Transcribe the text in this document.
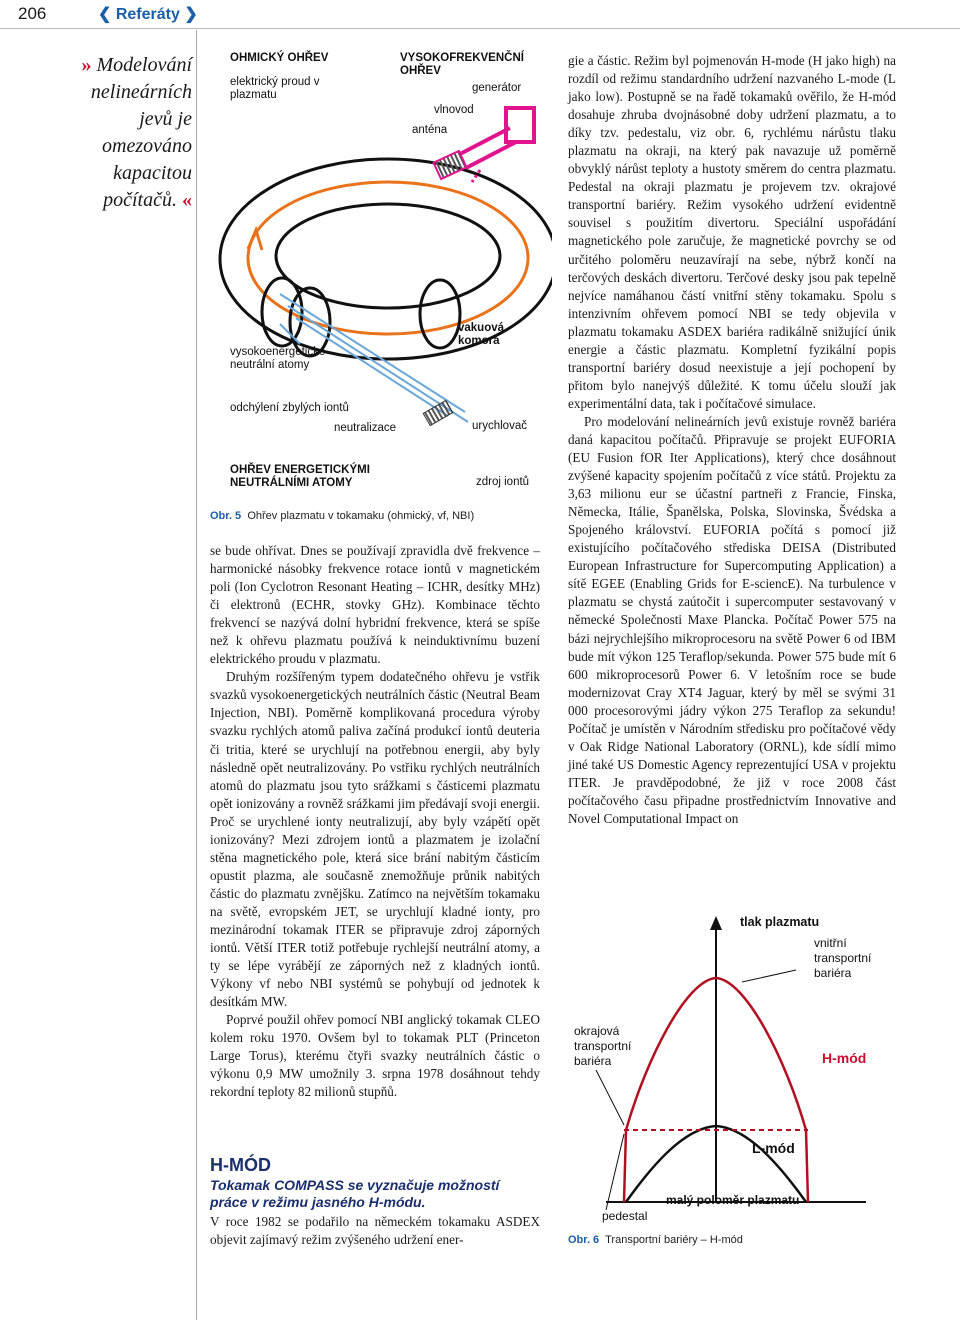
206	❮ Referáty ❯
» Modelování nelineárních jevů je omezováno kapacitou počítačů. «
OHMICKÝ OHŘEV
elektrický proud v plazmatu
VYSOKOFREKVENČNÍ OHŘEV
generátor
vlnovod
anténa
vakuová komora
vysokoenergetické neutrální atomy
odchýlení zbylých iontů
neutralizace	urychlovač
OHŘEV ENERGETICKÝMI NEUTRÁLNÍMI ATOMY	zdroj iontů
Obr. 5 Ohřev plazmatu v tokamaku (ohmický, vf, NBI)

se bude ohřívat. Dnes se používají zpravidla dvě frekvence – harmonické násobky frekvence rotace iontů v magnetickém poli (Ion Cyclotron Resonant Heating – ICHR, desítky MHz) či elektronů (ECHR, stovky GHz). Kombinace těchto frekvencí se nazývá dolní hybridní frekvence, která se spíše než k ohřevu plazmatu používá k neinduktivnímu buzení elektrického proudu v plazmatu.

Druhým rozšířeným typem dodatečného ohřevu je vstřik svazků vysokoenergetických neutrálních částic (Neutral Beam Injection, NBI). Poměrně komplikovaná procedura výroby svazku rychlých atomů paliva začíná produkcí iontů deuteria či tritia, které se urychlují na potřebnou energii, aby byly následně opět neutralizovány. Po vstřiku rychlých neutrálních atomů do plazmatu jsou tyto srážkami s částicemi plazmatu opět ionizovány a rovněž srážkami jim předávají svoji energii. Proč se urychlené ionty neutralizují, aby byly vzápětí opět ionizovány? Mezi zdrojem iontů a plazmatem je izolační stěna magnetického pole, která sice brání nabitým částicím opustit plazma, ale současně znemožňuje průnik nabitých částic do plazmatu zvnějšku. Zatímco na největším tokamaku na světě, evropském JET, se urychlují kladné ionty, pro mezinárodní tokamak ITER se připravuje zdroj záporných iontů. Větší ITER totiž potřebuje rychlejší neutrální atomy, a ty se lépe vyrábějí ze záporných než z kladných iontů. Výkony vf nebo NBI systémů se pohybují od jednotek k desítkám MW.

Poprvé použil ohřev pomocí NBI anglický tokamak CLEO kolem roku 1970. Ovšem byl to tokamak PLT (Princeton Large Torus), kterému čtyři svazky neutrálních částic o výkonu 0,9 MW umožnily 3. srpna 1978 dosáhnout tehdy rekordní teploty 82 milionů stupňů.

H-MÓD
Tokamak COMPASS se vyznačuje možností práce v režimu jasného H-módu.
V roce 1982 se podařilo na německém tokamaku ASDEX objevit zajímavý režim zvýšeného udržení ener-

gie a částic. Režim byl pojmenován H-mode (H jako high) na rozdíl od režimu standardního udržení nazvaného L-mode (L jako low). Postupně se na řadě tokamaků ověřilo, že H-mód dosahuje zhruba dvojnásobné doby udržení plazmatu, a to díky tzv. pedestalu, viz obr. 6, rychlému nárůstu tlaku plazmatu na okraji, na který pak navazuje už poměrně obvyklý nárůst teploty a hustoty směrem do centra plazmatu. Pedestal na okraji plazmatu je projevem tzv. okrajové transportní bariéry. Režim vysokého udržení evidentně souvisel s použitím divertoru. Speciální uspořádání magnetického pole zaručuje, že magnetické povrchy se od určitého poloměru neuzavírají na sebe, nýbrž končí na terčových deskách divertoru. Terčové desky jsou pak tepelně nejvíce namáhanou částí vnitřní stěny tokamaku. Spolu s intenzivním ohřevem pomocí NBI se tedy objevila v plazmatu tokamaku ASDEX bariéra radikálně snižující únik energie a částic plazmatu. Kompletní fyzikální popis transportní bariéry dosud neexistuje a její pochopení by přitom bylo nanejvýš důležité. K tomu účelu slouží jak experimentální data, tak i počítačové simulace.

Pro modelování nelineárních jevů existuje rovněž bariéra daná kapacitou počítačů. Připravuje se projekt EUFORIA (EU Fusion fOR Iter Applications), který chce dosáhnout zvýšené kapacity spojením počítačů z více států. Projektu za 3,63 milionu eur se účastní partneři z Francie, Finska, Německa, Itálie, Španělska, Polska, Slovinska, Švédska a Spojeného království. EUFORIA počítá s pomocí již existujícího počítačového střediska DEISA (Distributed European Infrastructure for Supercomputing Application) a sítě EGEE (Enabling Grids for E-sciencE). Na turbulence v plazmatu se chystá zaútočit i supercomputer sestavovaný v německé Společnosti Maxe Plancka. Počítač Power 575 na bázi nejrychlejšího mikroprocesoru na světě Power 6 od IBM bude mít výkon 125 Teraflop/sekunda. Power 575 bude mít 6 600 mikroprocesorů Power 6. V letošním roce se bude modernizovat Cray XT4 Jaguar, který by měl se svými 31 000 procesorovými jádry výkon 275 Teraflop za sekundu! Počítač je umístěn v Národním středisku pro počítačové vědy v Oak Ridge National Laboratory (ORNL), kde sídlí mimo jiné také US Domestic Agency reprezentující USA v projektu ITER. Je pravděpodobné, že již v roce 2008 část počítačového času připadne prostřednictvím Innovative and Novel Computational Impact on

tlak plazmatu
vnitřní transportní bariéra
okrajová transportní bariéra	H-mód
L-mód
malý poloměr plazmatu
pedestal
Obr. 6 Transportní bariéry – H-mód
